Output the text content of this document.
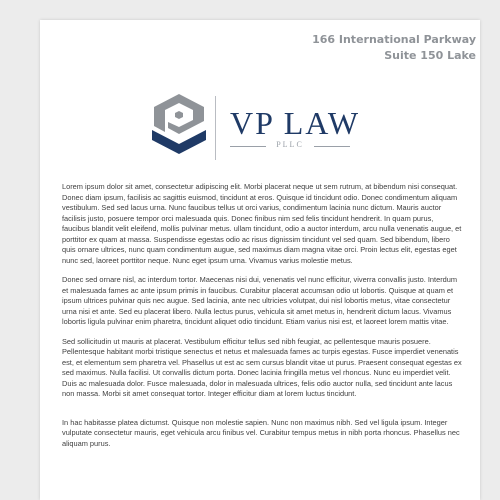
166 International Parkway
Suite 150 Lake
VP LAW
PLLC

Lorem ipsum dolor sit amet, consectetur adipiscing elit. Morbi placerat neque ut sem rutrum, at bibendum nisi consequat. Donec diam ipsum, facilisis ac sagittis euismod, tincidunt at eros. Quisque id tincidunt odio. Donec condimentum aliquam vestibulum. Sed sed lacus urna. Nunc faucibus tellus ut orci varius, condimentum lacinia nunc dictum. Mauris auctor facilisis justo, posuere tempor orci malesuada quis. Donec finibus nim sed felis tincidunt hendrerit. In quam purus, faucibus blandit velit eleifend, mollis pulvinar metus. ullam tincidunt, odio a auctor interdum, arcu nulla venenatis augue, et porttitor ex quam at massa. Suspendisse egestas odio ac risus dignissim tincidunt vel sed quam. Sed bibendum, libero quis ornare ultrices, nunc quam condimentum augue, sed maximus diam magna vitae orci. Proin lectus elit, egestas eget nunc sed, laoreet porttitor neque. Nunc eget ipsum urna. Vivamus varius molestie metus.

Donec sed ornare nisl, ac interdum tortor. Maecenas nisi dui, venenatis vel nunc efficitur, viverra convallis justo. Interdum et malesuada fames ac ante ipsum primis in faucibus. Curabitur placerat accumsan odio ut lobortis. Quisque at quam et ipsum ultrices pulvinar quis nec augue. Sed lacinia, ante nec ultricies volutpat, dui nisl lobortis metus, vitae consectetur urna nisi et ante. Sed eu placerat libero. Nulla lectus purus, vehicula sit amet metus in, hendrerit dictum lacus. Vivamus lobortis ligula pulvinar enim pharetra, tincidunt aliquet odio tincidunt. Etiam varius nisi est, et laoreet lorem mattis vitae.

Sed sollicitudin ut mauris at placerat. Vestibulum efficitur tellus sed nibh feugiat, ac pellentesque mauris posuere. Pellentesque habitant morbi tristique senectus et netus et malesuada fames ac turpis egestas. Fusce imperdiet venenatis est, et elementum sem pharetra vel. Phasellus ut est ac sem cursus blandit vitae ut purus. Praesent consequat egestas ex sed maximus. Nulla facilisi. Ut convallis dictum porta. Donec lacinia fringilla metus vel rhoncus. Nunc eu imperdiet velit. Duis ac malesuada dolor. Fusce malesuada, dolor in malesuada ultrices, felis odio auctor nulla, sed tincidunt ante lacus non massa. Morbi sit amet consequat tortor. Integer efficitur diam at lorem luctus tincidunt.

In hac habitasse platea dictumst. Quisque non molestie sapien. Nunc non maximus nibh. Sed vel ligula ipsum. Integer vulputate consectetur mauris, eget vehicula arcu finibus vel. Curabitur tempus metus in nibh porta rhoncus. Phasellus nec aliquam purus.
